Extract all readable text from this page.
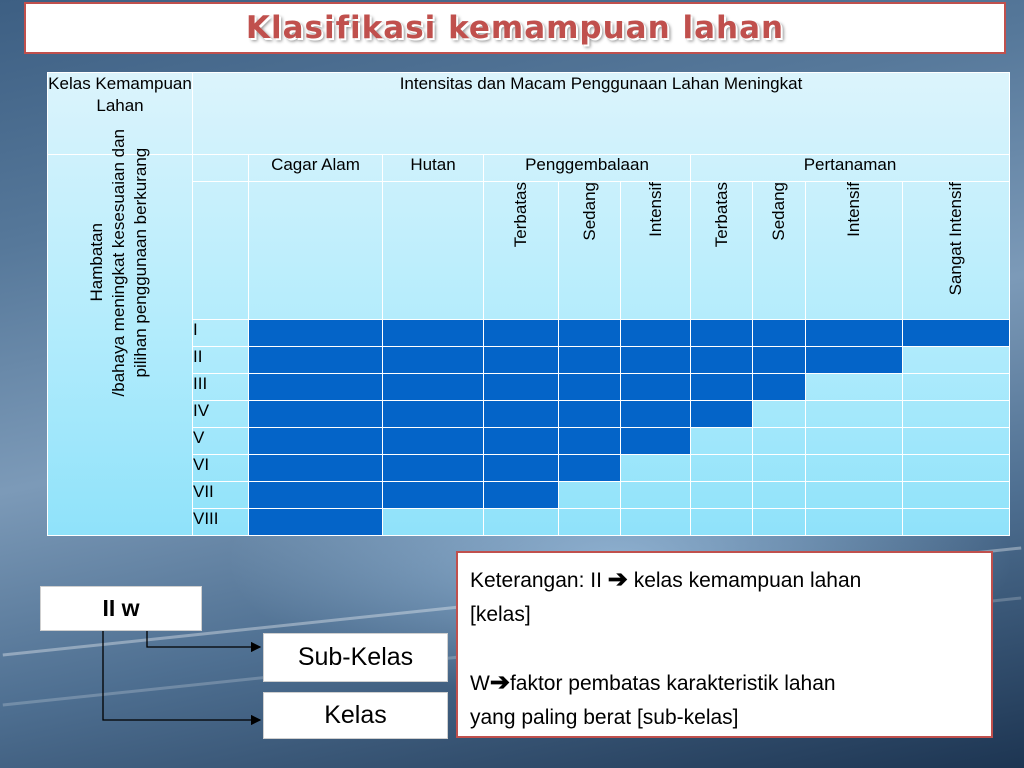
Klasifikasi kemampuan lahan
Kelas Kemampuan Lahan	Intensitas dan Macam Penggunaan Lahan Meningkat									
		Cagar Alam	Hutan	Penggembalaan			Pertanaman			
				Terbatas	Sedang	Intensif	Terbatas	Sedang	Intensif	Sangat Intensif
	I									
	II									
	III									
	IV									
	V									
	VI									
	VII									
	VIII									
Hambatan /bahaya meningkat kesesuaian dan pilihan penggunaan berkurang
II w
Sub-Kelas
Kelas
Keterangan: II ➔ kelas kemampuan lahan
[kelas]
W➔faktor pembatas karakteristik lahan
yang paling berat [sub-kelas]
